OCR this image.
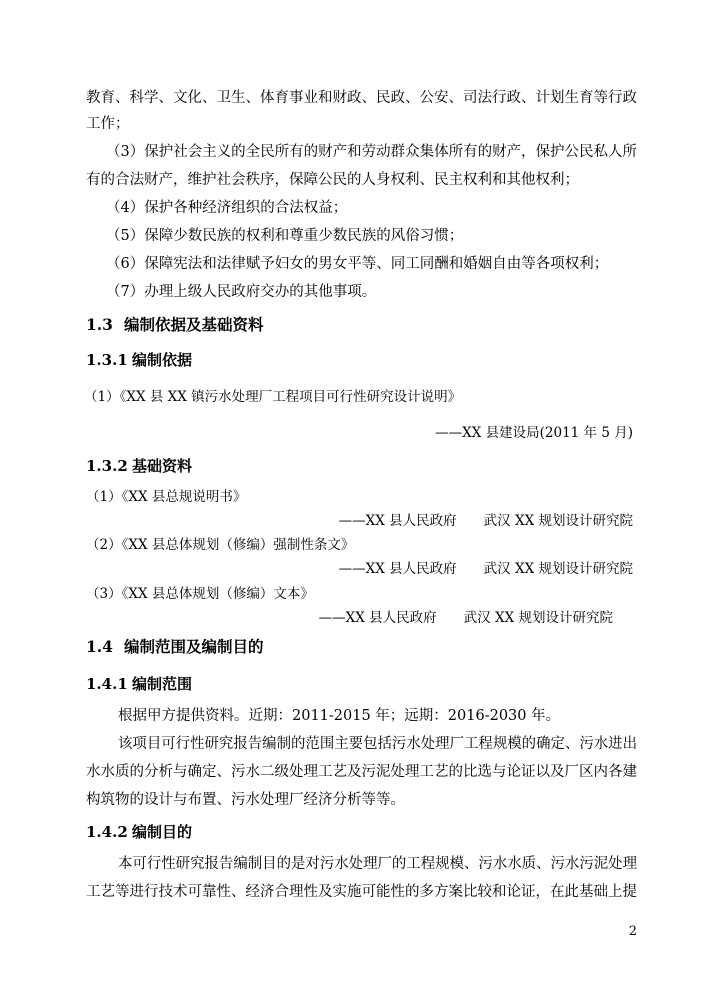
教育、科学、文化、卫生、体育事业和财政、民政、公安、司法行政、计划生育等行政
工作；
（3）保护社会主义的全民所有的财产和劳动群众集体所有的财产，保护公民私人所
有的合法财产，维护社会秩序，保障公民的人身权利、民主权利和其他权利；
（4）保护各种经济组织的合法权益；
（5）保障少数民族的权利和尊重少数民族的风俗习惯；
（6）保障宪法和法律赋予妇女的男女平等、同工同酬和婚姻自由等各项权利；
（7）办理上级人民政府交办的其他事项。
1.3 编制依据及基础资料
1.3.1 编制依据
（1）《XX 县 XX 镇污水处理厂工程项目可行性研究设计说明》
——XX 县建设局(2011 年 5 月)
1.3.2 基础资料
（1）《XX 县总规说明书》
——XX 县人民政府　　武汉 XX 规划设计研究院
（2）《XX 县总体规划（修编）强制性条文》
——XX 县人民政府　　武汉 XX 规划设计研究院
（3）《XX 县总体规划（修编）文本》
——XX 县人民政府　　武汉 XX 规划设计研究院
1.4 编制范围及编制目的
1.4.1 编制范围
根据甲方提供资料。近期：2011-2015 年；远期：2016-2030 年。
该项目可行性研究报告编制的范围主要包括污水处理厂工程规模的确定、污水进出
水水质的分析与确定、污水二级处理工艺及污泥处理工艺的比选与论证以及厂区内各建
构筑物的设计与布置、污水处理厂经济分析等等。
1.4.2 编制目的
本可行性研究报告编制目的是对污水处理厂的工程规模、污水水质、污水污泥处理
工艺等进行技术可靠性、经济合理性及实施可能性的多方案比较和论证，在此基础上提
2
